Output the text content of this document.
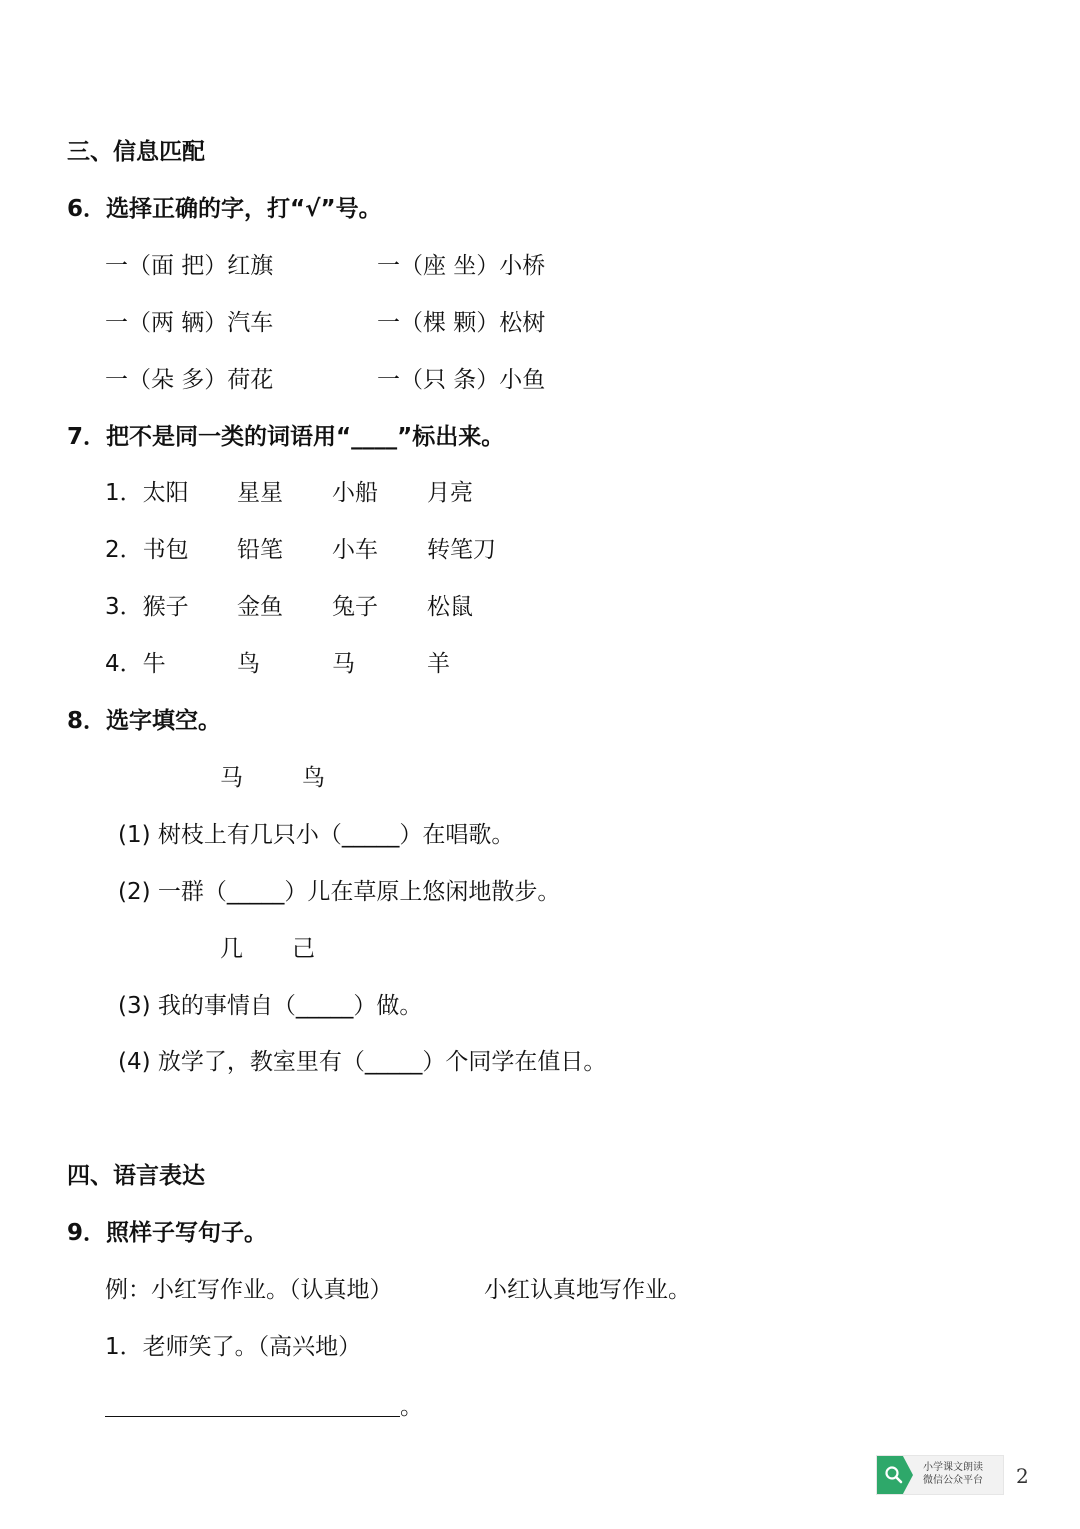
三、信息匹配
6．选择正确的字，打“√”号。
一（面 把）红旗	一（座 坐）小桥
一（两 辆）汽车	一（棵 颗）松树
一（朵 多）荷花	一（只 条）小鱼
7．把不是同一类的词语用“____”标出来。
1．太阳 星星 小船 月亮
2．书包 铅笔 小车 转笔刀
3．猴子 金鱼 兔子 松鼠
4．牛	鸟	马	羊
8．选字填空。
马	鸟
(1) 树枝上有几只小（_____）在唱歌。
(2) 一群（_____）儿在草原上悠闲地散步。
几 己
(3) 我的事情自（_____）做。
(4) 放学了，教室里有（_____）个同学在值日。
四、语言表达
9．照样子写句子。
例：小红写作业。（认真地）	小红认真地写作业。
1．老师笑了。（高兴地）
。
小学课文朗读
微信公众平台 2
